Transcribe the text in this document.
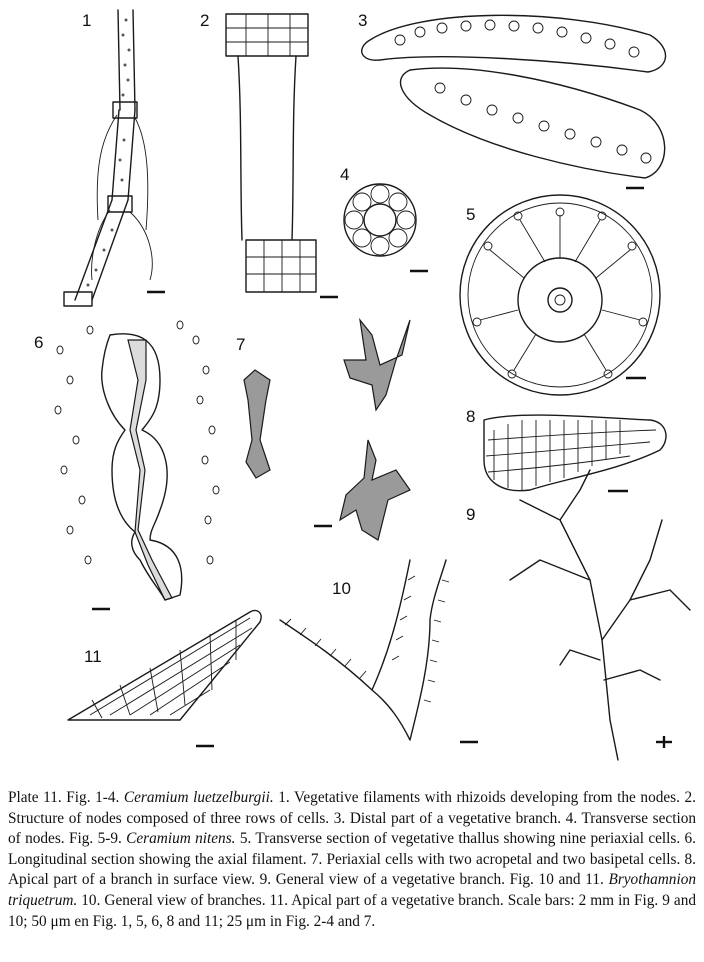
1	2	3
4
5
6	7
8
9
10
11
Plate 11. Fig. 1-4. Ceramium luetzelburgii. 1. Vegetative filaments with rhizoids developing from the nodes. 2. Structure of nodes composed of three rows of cells. 3. Distal part of a vegetative branch. 4. Transverse section of nodes. Fig. 5-9. Ceramium nitens. 5. Transverse section of vegetative thallus showing nine periaxial cells. 6. Longitudinal section showing the axial filament. 7. Periaxial cells with two acropetal and two basipetal cells. 8. Apical part of a branch in surface view. 9. General view of a vegetative branch. Fig. 10 and 11. Bryothamnion triquetrum. 10. General view of branches. 11. Apical part of a vegetative branch. Scale bars: 2 mm in Fig. 9 and 10; 50 μm en Fig. 1, 5, 6, 8 and 11; 25 μm in Fig. 2-4 and 7.
